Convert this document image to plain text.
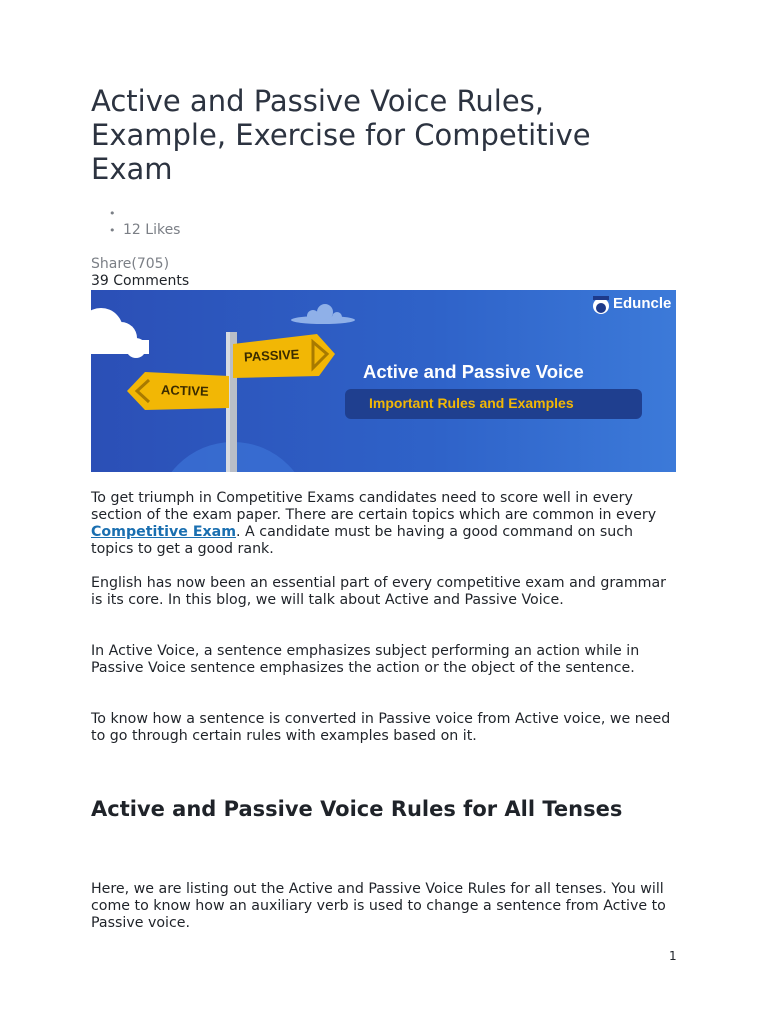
Active and Passive Voice Rules, Example, Exercise for Competitive Exam
•
• 12 Likes
Share(705)
39 Comments
Eduncle
PASSIVE
ACTIVE
Active and Passive Voice
Important Rules and Examples

To get triumph in Competitive Exams candidates need to score well in every section of the exam paper. There are certain topics which are common in every Competitive Exam. A candidate must be having a good command on such topics to get a good rank.

English has now been an essential part of every competitive exam and grammar is its core. In this blog, we will talk about Active and Passive Voice.

In Active Voice, a sentence emphasizes subject performing an action while in Passive Voice sentence emphasizes the action or the object of the sentence.

To know how a sentence is converted in Passive voice from Active voice, we need to go through certain rules with examples based on it.

Active and Passive Voice Rules for All Tenses

Here, we are listing out the Active and Passive Voice Rules for all tenses. You will come to know how an auxiliary verb is used to change a sentence from Active to Passive voice.

1
